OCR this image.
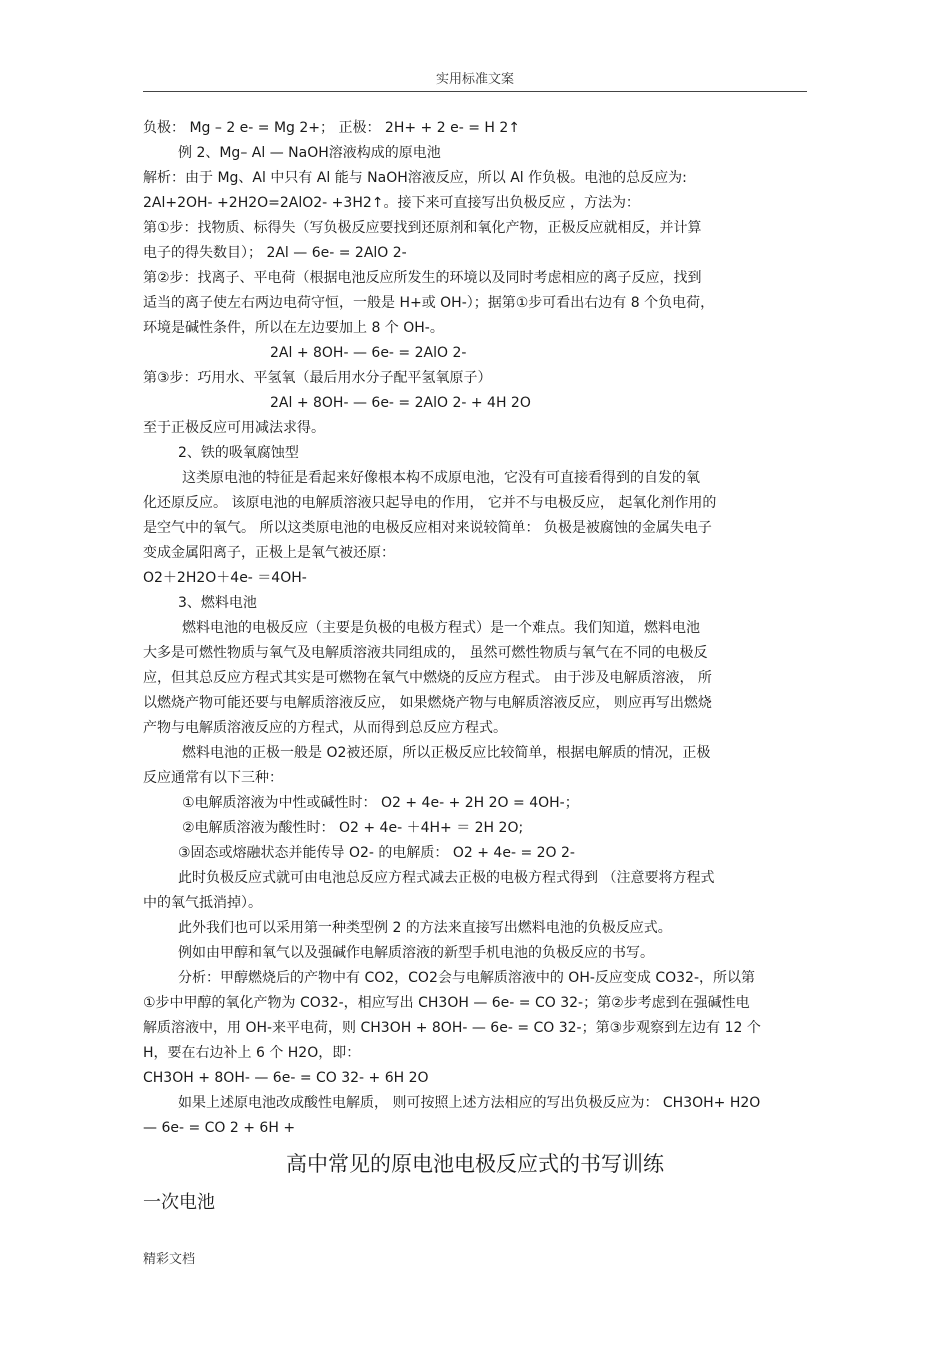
实用标准文案
负极： Mg – 2 e- = Mg 2+； 正极： 2H+ + 2 e- = H 2↑
例 2、Mg– Al — NaOH溶液构成的原电池
解析：由于 Mg、Al 中只有 Al 能与 NaOH溶液反应，所以 Al 作负极。电池的总反应为:
2Al+2OH- +2H2O=2AlO2- +3H2↑。接下来可直接写出负极反应 ，方法为：
第①步：找物质、标得失（写负极反应要找到还原剂和氧化产物，正极反应就相反，并计算
电子的得失数目）； 2Al — 6e- = 2AlO 2-
第②步：找离子、平电荷（根据电池反应所发生的环境以及同时考虑相应的离子反应，找到
适当的离子使左右两边电荷守恒，一般是 H+或 OH-）；据第①步可看出右边有 8 个负电荷，
环境是碱性条件，所以在左边要加上 8 个 OH-。
2Al + 8OH- — 6e- = 2AlO 2-
第③步：巧用水、平氢氧（最后用水分子配平氢氧原子）
2Al + 8OH- — 6e- = 2AlO 2- + 4H 2O
至于正极反应可用减法求得。
2、铁的吸氧腐蚀型
这类原电池的特征是看起来好像根本构不成原电池，它没有可直接看得到的自发的氧
化还原反应。 该原电池的电解质溶液只起导电的作用， 它并不与电极反应， 起氧化剂作用的
是空气中的氧气。 所以这类原电池的电极反应相对来说较简单： 负极是被腐蚀的金属失电子
变成金属阳离子，正极上是氧气被还原：
O2＋2H2O＋4e- ＝4OH-
3、燃料电池
燃料电池的电极反应（主要是负极的电极方程式）是一个难点。我们知道，燃料电池
大多是可燃性物质与氧气及电解质溶液共同组成的， 虽然可燃性物质与氧气在不同的电极反
应，但其总反应方程式其实是可燃物在氧气中燃烧的反应方程式。 由于涉及电解质溶液， 所
以燃烧产物可能还要与电解质溶液反应， 如果燃烧产物与电解质溶液反应， 则应再写出燃烧
产物与电解质溶液反应的方程式，从而得到总反应方程式。
燃料电池的正极一般是 O2被还原，所以正极反应比较简单，根据电解质的情况，正极
反应通常有以下三种：
①电解质溶液为中性或碱性时： O2 + 4e- + 2H 2O = 4OH-；
②电解质溶液为酸性时： O2 + 4e- ＋4H+ ＝ 2H 2O;
③固态或熔融状态并能传导 O2- 的电解质： O2 + 4e- = 2O 2-
此时负极反应式就可由电池总反应方程式减去正极的电极方程式得到 （注意要将方程式
中的氧气抵消掉）。
此外我们也可以采用第一种类型例 2 的方法来直接写出燃料电池的负极反应式。
例如由甲醇和氧气以及强碱作电解质溶液的新型手机电池的负极反应的书写。
分析：甲醇燃烧后的产物中有 CO2，CO2会与电解质溶液中的 OH-反应变成 CO32-，所以第
①步中甲醇的氧化产物为 CO32-，相应写出 CH3OH — 6e- = CO 32-；第②步考虑到在强碱性电
解质溶液中，用 OH-来平电荷，则 CH3OH + 8OH- — 6e- = CO 32-；第③步观察到左边有 12 个
H，要在右边补上 6 个 H2O，即：
CH3OH + 8OH- — 6e- = CO 32- + 6H 2O
如果上述原电池改成酸性电解质， 则可按照上述方法相应的写出负极反应为： CH3OH+ H2O
— 6e- = CO 2 + 6H +
高中常见的原电池电极反应式的书写训练
一次电池
精彩文档
